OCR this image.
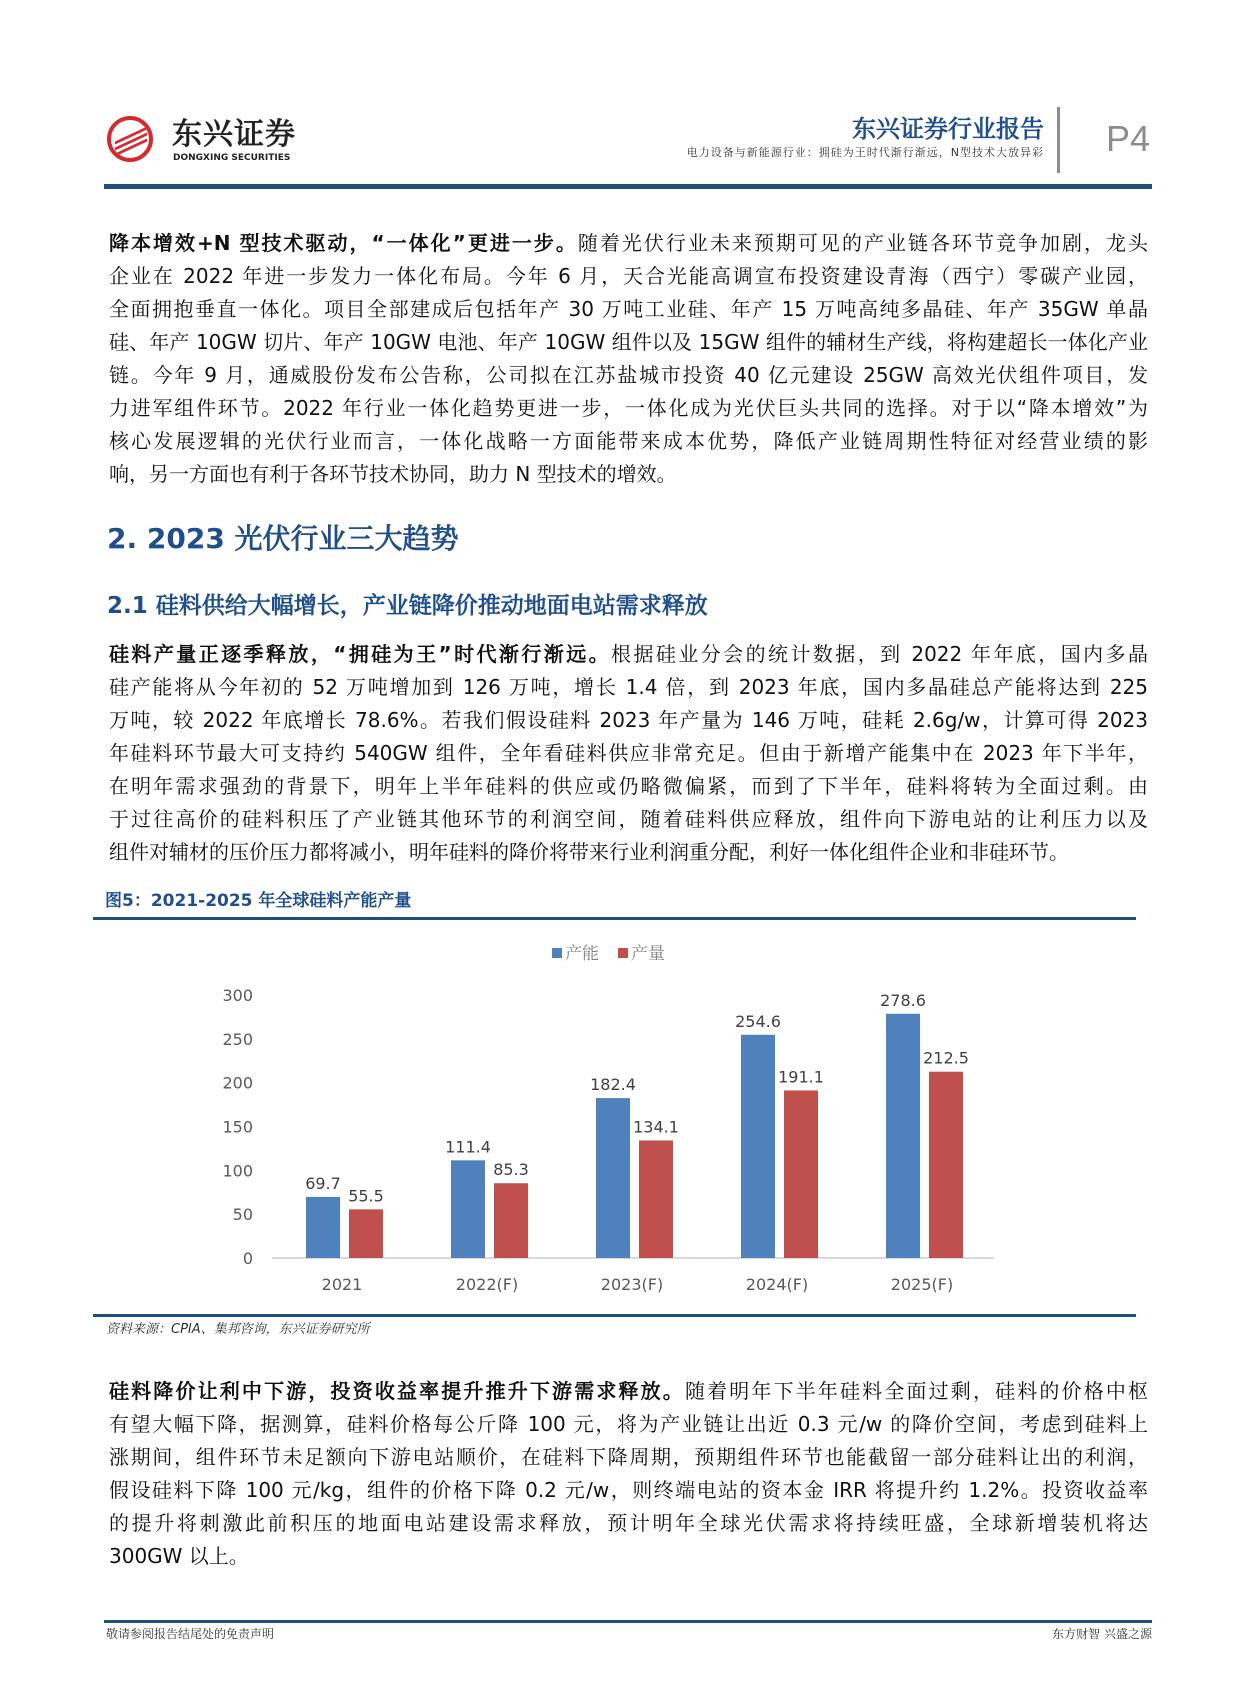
东兴证券
DONGXING SECURITIES
东兴证券行业报告
电力设备与新能源行业：拥硅为王时代渐行渐远，N型技术大放异彩 P4
降本增效+N 型技术驱动，“一体化”更进一步。随着光伏行业未来预期可见的产业链各环节竞争加剧，龙头
企业在 2022 年进一步发力一体化布局。今年 6 月，天合光能高调宣布投资建设青海（西宁）零碳产业园，
全面拥抱垂直一体化。项目全部建成后包括年产 30 万吨工业硅、年产 15 万吨高纯多晶硅、年产 35GW 单晶
硅、年产 10GW 切片、年产 10GW 电池、年产 10GW 组件以及 15GW 组件的辅材生产线，将构建超长一体化产业
链。今年 9 月，通威股份发布公告称，公司拟在江苏盐城市投资 40 亿元建设 25GW 高效光伏组件项目，发
力进军组件环节。2022 年行业一体化趋势更进一步，一体化成为光伏巨头共同的选择。对于以“降本增效”为
核心发展逻辑的光伏行业而言，一体化战略一方面能带来成本优势，降低产业链周期性特征对经营业绩的影
响，另一方面也有利于各环节技术协同，助力 N 型技术的增效。
2. 2023 光伏行业三大趋势
2.1 硅料供给大幅增长，产业链降价推动地面电站需求释放
硅料产量正逐季释放，“拥硅为王”时代渐行渐远。根据硅业分会的统计数据，到 2022 年年底，国内多晶
硅产能将从今年初的 52 万吨增加到 126 万吨，增长 1.4 倍，到 2023 年底，国内多晶硅总产能将达到 225
万吨，较 2022 年底增长 78.6%。若我们假设硅料 2023 年产量为 146 万吨，硅耗 2.6g/w，计算可得 2023
年硅料环节最大可支持约 540GW 组件，全年看硅料供应非常充足。但由于新增产能集中在 2023 年下半年，
在明年需求强劲的背景下，明年上半年硅料的供应或仍略微偏紧，而到了下半年，硅料将转为全面过剩。由
于过往高价的硅料积压了产业链其他环节的利润空间，随着硅料供应释放，组件向下游电站的让利压力以及
组件对辅材的压价压力都将减小，明年硅料的降价将带来行业利润重分配，利好一体化组件企业和非硅环节。
图5：2021-2025 年全球硅料产能产量
产能	产量
0
50
100
150
200
250
300
2021
69.7
55.5
2022(F)
111.4
85.3
2023(F)
182.4
134.1
2024(F)
254.6
191.1
2025(F)
278.6
212.5
资料来源：CPIA、集邦咨询，东兴证券研究所
硅料降价让利中下游，投资收益率提升推升下游需求释放。随着明年下半年硅料全面过剩，硅料的价格中枢
有望大幅下降，据测算，硅料价格每公斤降 100 元，将为产业链让出近 0.3 元/w 的降价空间，考虑到硅料上
涨期间，组件环节未足额向下游电站顺价，在硅料下降周期，预期组件环节也能截留一部分硅料让出的利润，
假设硅料下降 100 元/kg，组件的价格下降 0.2 元/w，则终端电站的资本金 IRR 将提升约 1.2%。投资收益率
的提升将刺激此前积压的地面电站建设需求释放，预计明年全球光伏需求将持续旺盛，全球新增装机将达
300GW 以上。
敬请参阅报告结尾处的免责声明	东方财智 兴盛之源
